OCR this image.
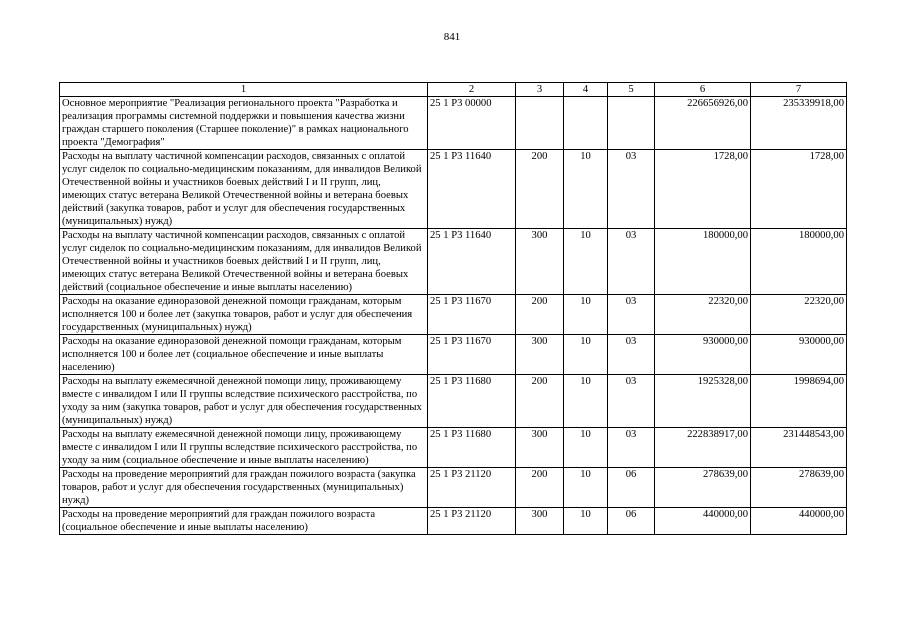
841
1	2	3	4	5	6	7
Основное мероприятие "Реализация регионального проекта "Разработка и реализация программы системной поддержки и повышения качества жизни граждан старшего поколения (Старшее поколение)" в рамках национального проекта "Демография"	25 1 P3 00000				226656926,00	235339918,00
Расходы на выплату частичной компенсации расходов, связанных с оплатой услуг сиделок по социально-медицинским показаниям, для инвалидов Великой Отечественной войны и участников боевых действий I и II групп, лиц, имеющих статус ветерана Великой Отечественной войны и ветерана боевых действий (закупка товаров, работ и услуг для обеспечения государственных (муниципальных) нужд)	25 1 P3 11640	200	10	03	1728,00	1728,00
Расходы на выплату частичной компенсации расходов, связанных с оплатой услуг сиделок по социально-медицинским показаниям, для инвалидов Великой Отечественной войны и участников боевых действий I и II групп, лиц, имеющих статус ветерана Великой Отечественной войны и ветерана боевых действий (социальное обеспечение и иные выплаты населению)	25 1 P3 11640	300	10	03	180000,00	180000,00
Расходы на оказание единоразовой денежной помощи гражданам, которым исполняется 100 и более лет (закупка товаров, работ и услуг для обеспечения государственных (муниципальных) нужд)	25 1 P3 11670	200	10	03	22320,00	22320,00
Расходы на оказание единоразовой денежной помощи гражданам, которым исполняется 100 и более лет (социальное обеспечение и иные выплаты населению)	25 1 P3 11670	300	10	03	930000,00	930000,00
Расходы на выплату ежемесячной денежной помощи лицу, проживающему вместе с инвалидом I или II группы вследствие психического расстройства, по уходу за ним (закупка товаров, работ и услуг для обеспечения государственных (муниципальных) нужд)	25 1 P3 11680	200	10	03	1925328,00	1998694,00
Расходы на выплату ежемесячной денежной помощи лицу, проживающему вместе с инвалидом I или II группы вследствие психического расстройства, по уходу за ним (социальное обеспечение и иные выплаты населению)	25 1 P3 11680	300	10	03	222838917,00	231448543,00
Расходы на проведение мероприятий для граждан пожилого возраста (закупка товаров, работ и услуг для обеспечения государственных (муниципальных) нужд)	25 1 P3 21120	200	10	06	278639,00	278639,00
Расходы на проведение мероприятий для граждан пожилого возраста (социальное обеспечение и иные выплаты населению)	25 1 P3 21120	300	10	06	440000,00	440000,00
